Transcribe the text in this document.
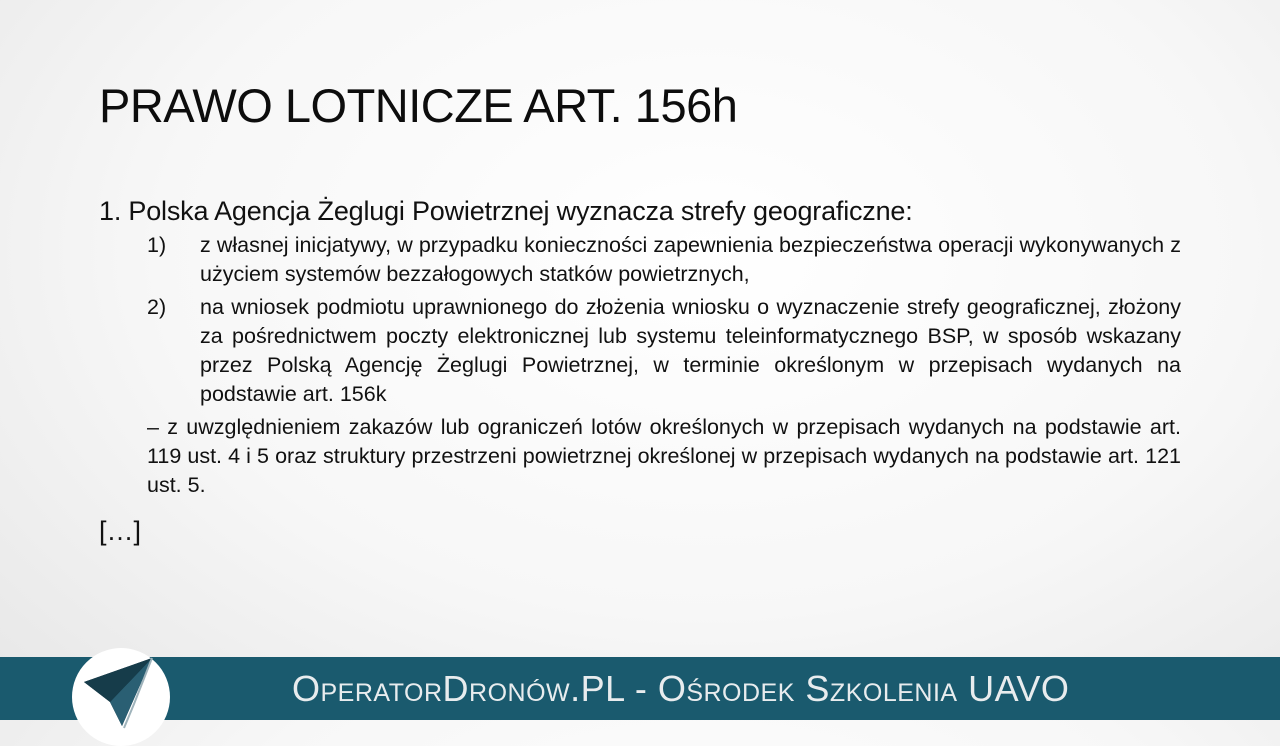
PRAWO LOTNICZE ART. 156h

1. Polska Agencja Żeglugi Powietrznej wyznacza strefy geograficzne:

1) z własnej inicjatywy, w przypadku konieczności zapewnienia bezpieczeństwa operacji wykonywanych z użyciem systemów bezzałogowych statków powietrznych,
2) na wniosek podmiotu uprawnionego do złożenia wniosku o wyznaczenie strefy geograficznej, złożony za pośrednictwem poczty elektronicznej lub systemu teleinformatycznego BSP, w sposób wskazany przez Polską Agencję Żeglugi Powietrznej, w terminie określonym w przepisach wydanych na podstawie art. 156k
– z uwzględnieniem zakazów lub ograniczeń lotów określonych w przepisach wydanych na podstawie art. 119 ust. 4 i 5 oraz struktury przestrzeni powietrznej określonej w przepisach wydanych na podstawie art. 121 ust. 5.
[…]
OperatorDronów.PL - Ośrodek Szkolenia UAVO
